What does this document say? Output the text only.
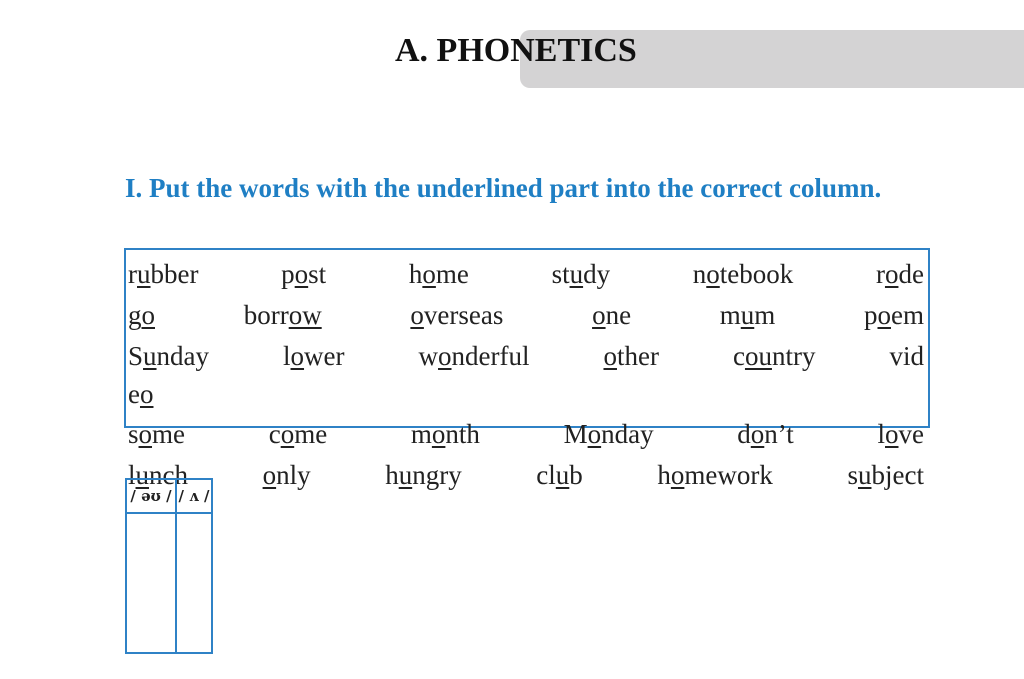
A. PHONETICS
I. Put the words with the underlined part into the correct column.
rubber	post	home	study	notebook	rode
go	borrow	overseas	one	mum	poem
Sunday	lower	wonderful	other	country	vid
eo
some	come	month	Monday	don’t	love
lunch	only	hungry	club	homework	subject
/ əʊ /	/ ʌ /
